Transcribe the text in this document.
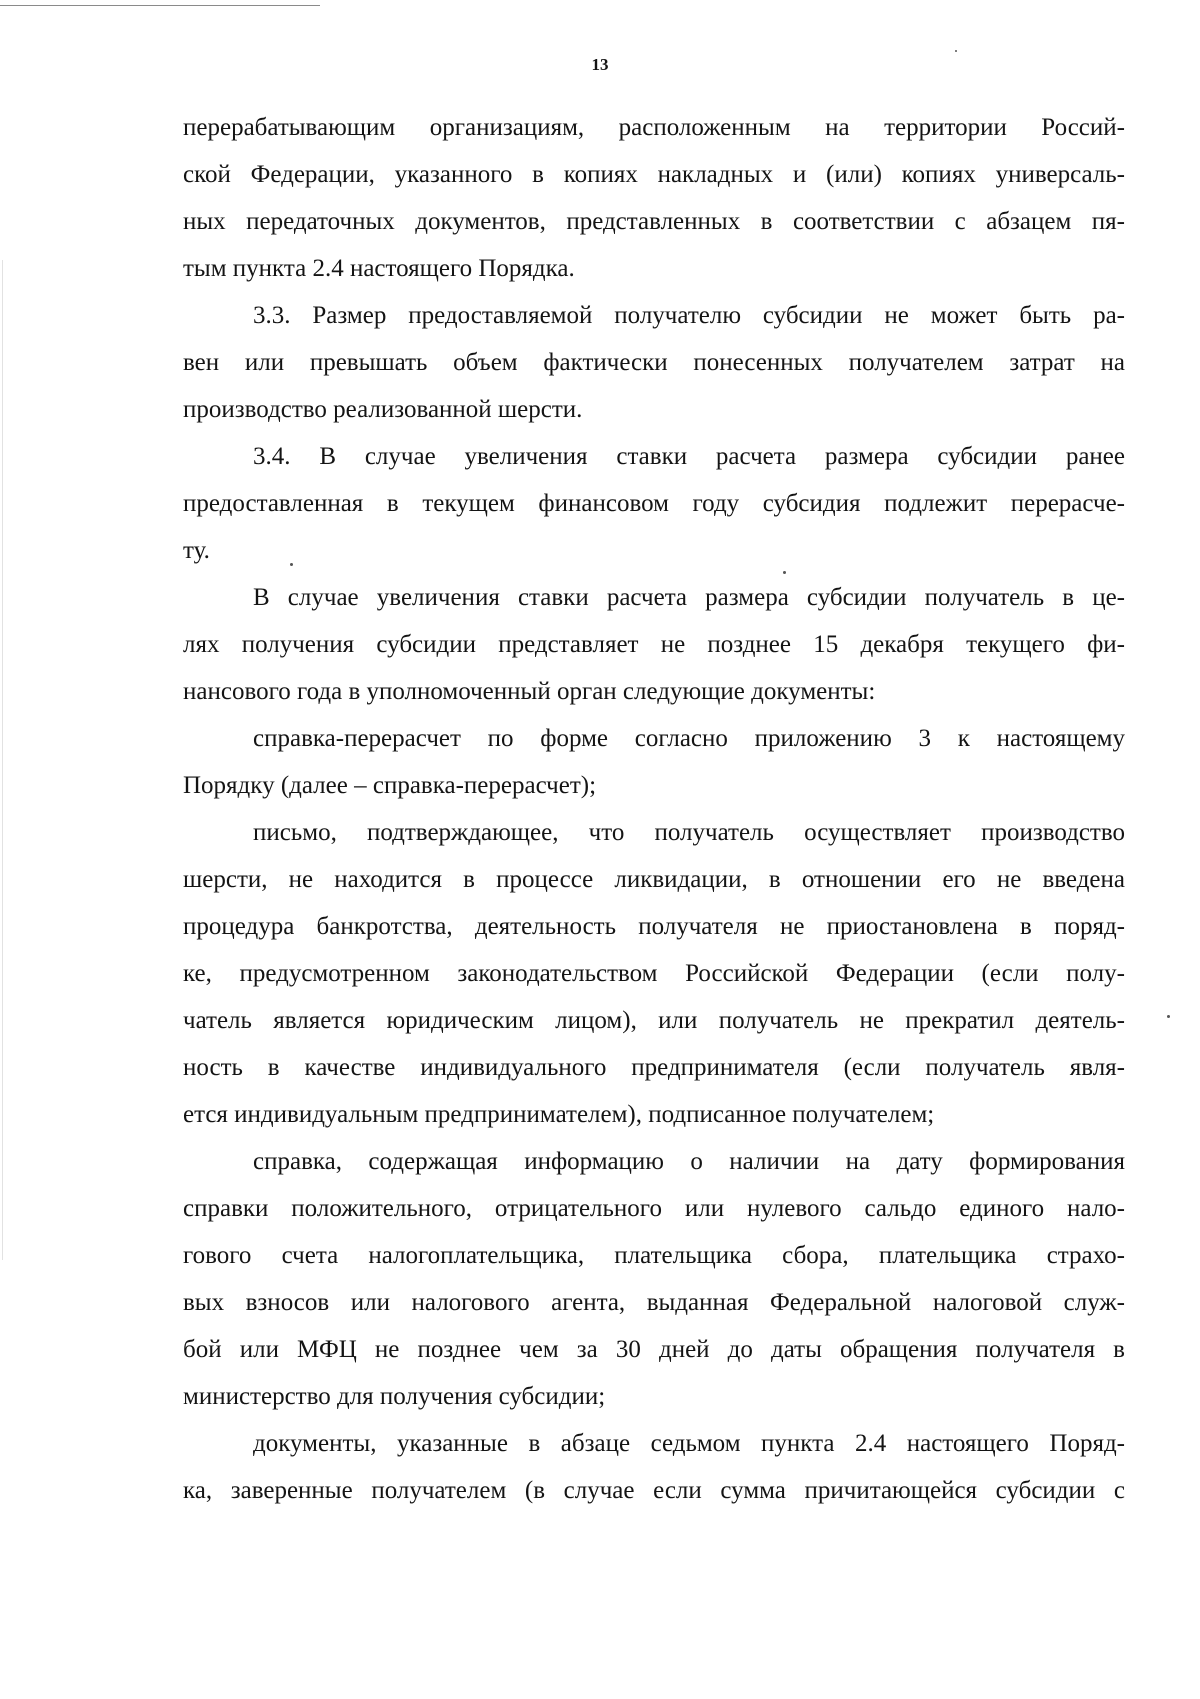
13
перерабатывающим организациям, расположенным на территории Россий-
ской Федерации, указанного в копиях накладных и (или) копиях универсаль-
ных передаточных документов, представленных в соответствии с абзацем пя-
тым пункта 2.4 настоящего Порядка.
3.3. Размер предоставляемой получателю субсидии не может быть ра-
вен или превышать объем фактически понесенных получателем затрат на
производство реализованной шерсти.
3.4. В случае увеличения ставки расчета размера субсидии ранее
предоставленная в текущем финансовом году субсидия подлежит перерасче-
ту.
В случае увеличения ставки расчета размера субсидии получатель в це-
лях получения субсидии представляет не позднее 15 декабря текущего фи-
нансового года в уполномоченный орган следующие документы:
справка-перерасчет по форме согласно приложению 3 к настоящему
Порядку (далее – справка-перерасчет);
письмо, подтверждающее, что получатель осуществляет производство
шерсти, не находится в процессе ликвидации, в отношении его не введена
процедура банкротства, деятельность получателя не приостановлена в поряд-
ке, предусмотренном законодательством Российской Федерации (если полу-
чатель является юридическим лицом), или получатель не прекратил деятель-
ность в качестве индивидуального предпринимателя (если получатель явля-
ется индивидуальным предпринимателем), подписанное получателем;
справка, содержащая информацию о наличии на дату формирования
справки положительного, отрицательного или нулевого сальдо единого нало-
гового счета налогоплательщика, плательщика сбора, плательщика страхо-
вых взносов или налогового агента, выданная Федеральной налоговой служ-
бой или МФЦ не позднее чем за 30 дней до даты обращения получателя в
министерство для получения субсидии;
документы, указанные в абзаце седьмом пункта 2.4 настоящего Поряд-
ка, заверенные получателем (в случае если сумма причитающейся субсидии с
